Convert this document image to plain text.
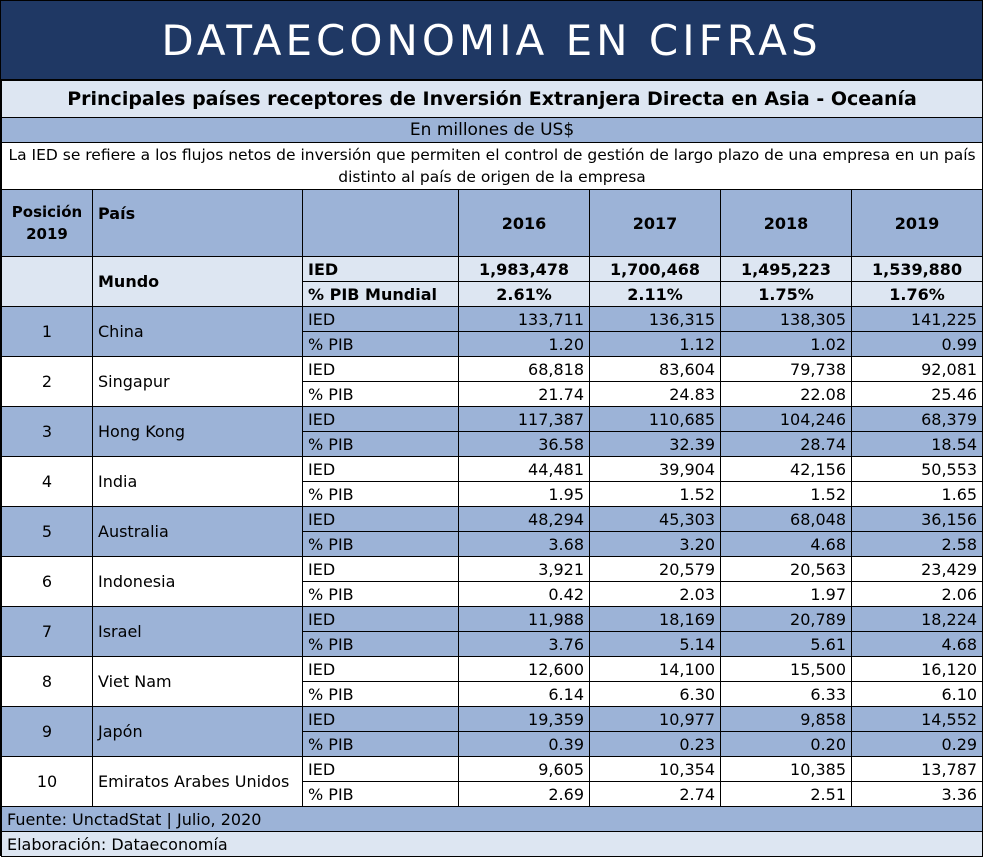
DATAECONOMIA EN CIFRAS
Principales países receptores de Inversión Extranjera Directa en Asia - Oceanía						
En millones de US$						
La IED se refiere a los flujos netos de inversión que permiten el control de gestión de largo plazo de una empresa en un país distinto al país de origen de la empresa						
Posición 2019	País		2016	2017	2018	2019
	Mundo	IED	1,983,478	1,700,468	1,495,223	1,539,880
		% PIB Mundial	2.61%	2.11%	1.75%	1.76%
1	China	IED	133,711	136,315	138,305	141,225
		% PIB	1.20	1.12	1.02	0.99
2	Singapur	IED	68,818	83,604	79,738	92,081
		% PIB	21.74	24.83	22.08	25.46
3	Hong Kong	IED	117,387	110,685	104,246	68,379
		% PIB	36.58	32.39	28.74	18.54
4	India	IED	44,481	39,904	42,156	50,553
		% PIB	1.95	1.52	1.52	1.65
5	Australia	IED	48,294	45,303	68,048	36,156
		% PIB	3.68	3.20	4.68	2.58
6	Indonesia	IED	3,921	20,579	20,563	23,429
		% PIB	0.42	2.03	1.97	2.06
7	Israel	IED	11,988	18,169	20,789	18,224
		% PIB	3.76	5.14	5.61	4.68
8	Viet Nam	IED	12,600	14,100	15,500	16,120
		% PIB	6.14	6.30	6.33	6.10
9	Japón	IED	19,359	10,977	9,858	14,552
		% PIB	0.39	0.23	0.20	0.29
10	Emiratos Arabes Unidos	IED	9,605	10,354	10,385	13,787
		% PIB	2.69	2.74	2.51	3.36
Fuente: UnctadStat | Julio, 2020						
Elaboración: Dataeconomía						
